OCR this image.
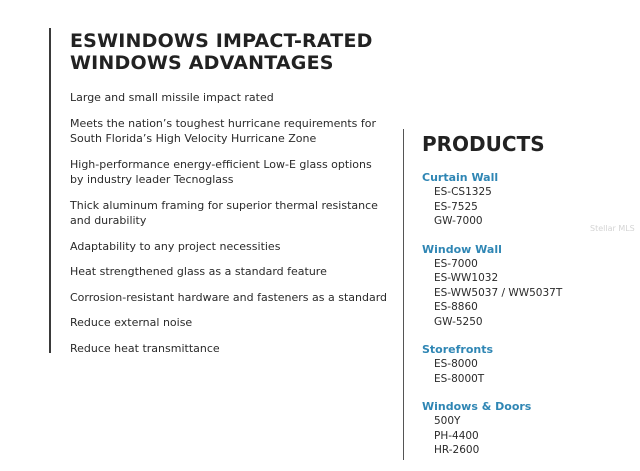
ESWINDOWS IMPACT-RATED
WINDOWS ADVANTAGES
Large and small missile impact rated
Meets the nation’s toughest hurricane requirements for
South Florida’s High Velocity Hurricane Zone
High-performance energy-efficient Low-E glass options
by industry leader Tecnoglass
Thick aluminum framing for superior thermal resistance
and durability
Adaptability to any project necessities
Heat strengthened glass as a standard feature
Corrosion-resistant hardware and fasteners as a standard
Reduce external noise
Reduce heat transmittance
PRODUCTS
Curtain Wall
ES-CS1325
ES-7525
GW-7000
Window Wall
ES-7000
ES-WW1032
ES-WW5037 / WW5037T
ES-8860
GW-5250
Storefronts
ES-8000
ES-8000T
Windows & Doors
500Y
PH-4400
HR-2600
Stellar MLS
